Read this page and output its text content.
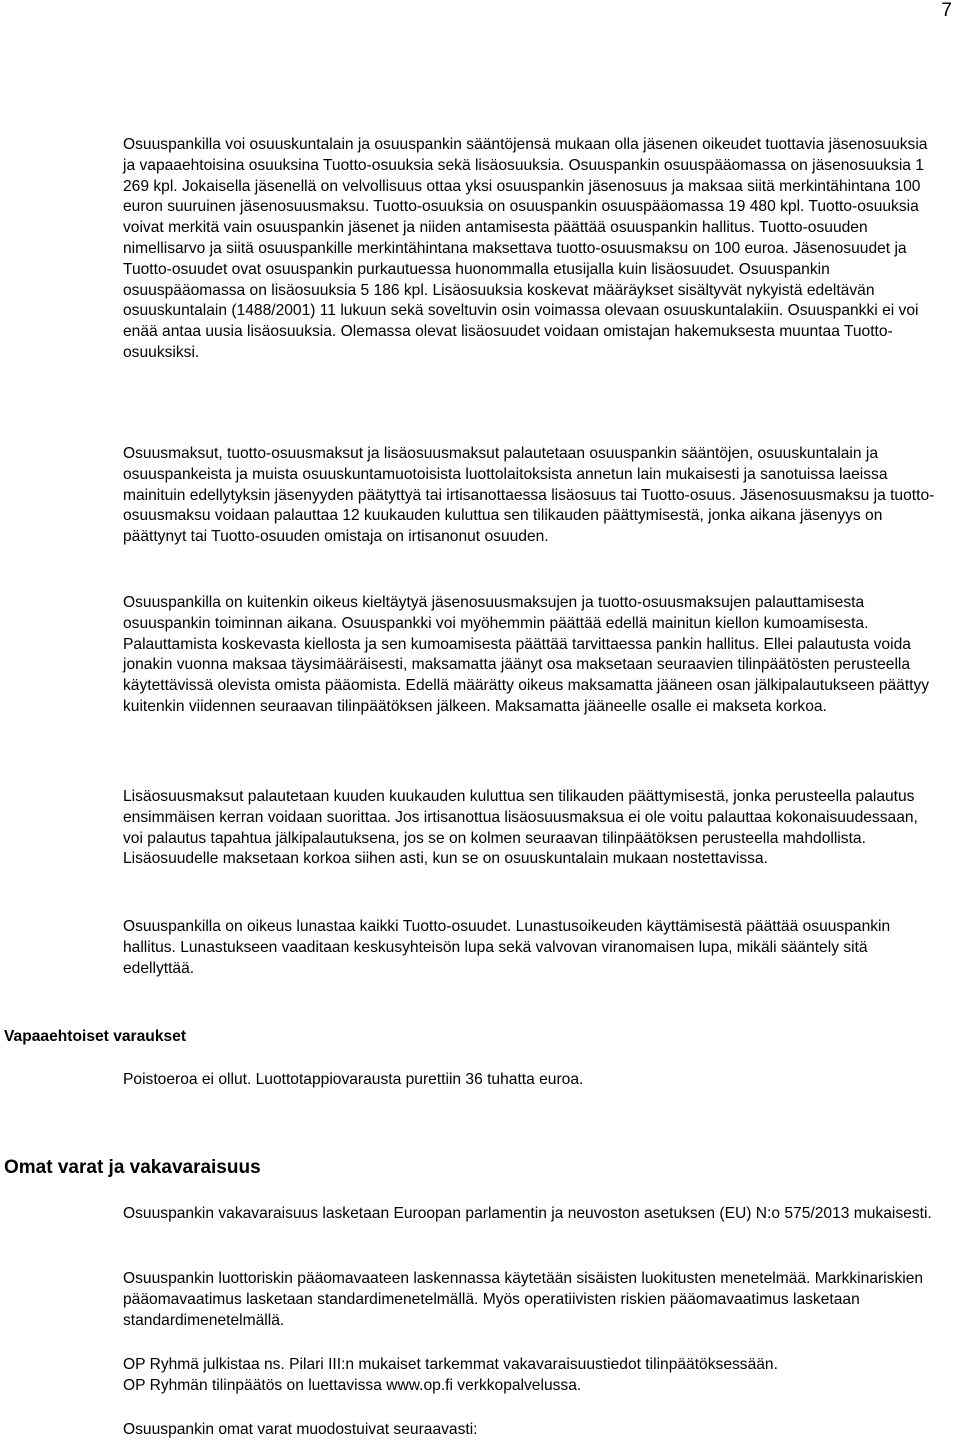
7

Osuuspankilla voi osuuskuntalain ja osuuspankin sääntöjensä mukaan olla jäsenen oikeudet tuottavia jäsenosuuksia ja vapaaehtoisina osuuksina Tuotto-osuuksia sekä lisäosuuksia. Osuuspankin osuuspääomassa on jäsenosuuksia 1 269 kpl. Jokaisella jäsenellä on velvollisuus ottaa yksi osuuspankin jäsenosuus ja maksaa siitä merkintähintana 100 euron suuruinen jäsenosuusmaksu. Tuotto-osuuksia on osuuspankin osuuspääomassa 19 480 kpl. Tuotto-osuuksia voivat merkitä vain osuuspankin jäsenet ja niiden antamisesta päättää osuuspankin hallitus. Tuotto-osuuden nimellisarvo ja siitä osuuspankille merkintähintana maksettava tuotto-osuusmaksu on 100 euroa. Jäsenosuudet ja Tuotto-osuudet ovat osuuspankin purkautuessa huonommalla etusijalla kuin lisäosuudet. Osuuspankin osuuspääomassa on lisäosuuksia 5 186 kpl. Lisäosuuksia koskevat määräykset sisältyvät nykyistä edeltävän osuuskuntalain (1488/2001) 11 lukuun sekä soveltuvin osin voimassa olevaan osuuskuntalakiin. Osuuspankki ei voi enää antaa uusia lisäosuuksia. Olemassa olevat lisäosuudet voidaan omistajan hakemuksesta muuntaa Tuotto-osuuksiksi.

Osuusmaksut, tuotto-osuusmaksut ja lisäosuusmaksut palautetaan osuuspankin sääntöjen, osuuskuntalain ja osuuspankeista ja muista osuuskuntamuotoisista luottolaitoksista annetun lain mukaisesti ja sanotuissa laeissa mainituin edellytyksin jäsenyyden päätyttyä tai irtisanottaessa lisäosuus tai Tuotto-osuus. Jäsenosuusmaksu ja tuotto-osuusmaksu voidaan palauttaa 12 kuukauden kuluttua sen tilikauden päättymisestä, jonka aikana jäsenyys on päättynyt tai Tuotto-osuuden omistaja on irtisanonut osuuden.

Osuuspankilla on kuitenkin oikeus kieltäytyä jäsenosuusmaksujen ja tuotto-osuusmaksujen palauttamisesta osuuspankin toiminnan aikana. Osuuspankki voi myöhemmin päättää edellä mainitun kiellon kumoamisesta. Palauttamista koskevasta kiellosta ja sen kumoamisesta päättää tarvittaessa pankin hallitus. Ellei palautusta voida jonakin vuonna maksaa täysimääräisesti, maksamatta jäänyt osa maksetaan seuraavien tilinpäätösten perusteella käytettävissä olevista omista pääomista. Edellä määrätty oikeus maksamatta jääneen osan jälkipalautukseen päättyy kuitenkin viidennen seuraavan tilinpäätöksen jälkeen. Maksamatta jääneelle osalle ei makseta korkoa.

Lisäosuusmaksut palautetaan kuuden kuukauden kuluttua sen tilikauden päättymisestä, jonka perusteella palautus ensimmäisen kerran voidaan suorittaa. Jos irtisanottua lisäosuusmaksua ei ole voitu palauttaa kokonaisuudessaan, voi palautus tapahtua jälkipalautuksena, jos se on kolmen seuraavan tilinpäätöksen perusteella mahdollista. Lisäosuudelle maksetaan korkoa siihen asti, kun se on osuuskuntalain mukaan nostettavissa.

Osuuspankilla on oikeus lunastaa kaikki Tuotto-osuudet. Lunastusoikeuden käyttämisestä päättää osuuspankin hallitus. Lunastukseen vaaditaan keskusyhteisön lupa sekä valvovan viranomaisen lupa, mikäli sääntely sitä edellyttää.

Vapaaehtoiset varaukset

Poistoeroa ei ollut. Luottotappiovarausta purettiin 36 tuhatta euroa.

Omat varat ja vakavaraisuus

Osuuspankin vakavaraisuus lasketaan Euroopan parlamentin ja neuvoston asetuksen (EU) N:o 575/2013 mukaisesti.

Osuuspankin luottoriskin pääomavaateen laskennassa käytetään sisäisten luokitusten menetelmää. Markkinariskien pääomavaatimus lasketaan standardimenetelmällä. Myös operatiivisten riskien pääomavaatimus lasketaan standardimenetelmällä.

OP Ryhmä julkistaa ns. Pilari III:n mukaiset tarkemmat vakavaraisuustiedot tilinpäätöksessään.
OP Ryhmän tilinpäätös on luettavissa www.op.fi verkkopalvelussa.

Osuuspankin omat varat muodostuivat seuraavasti:
